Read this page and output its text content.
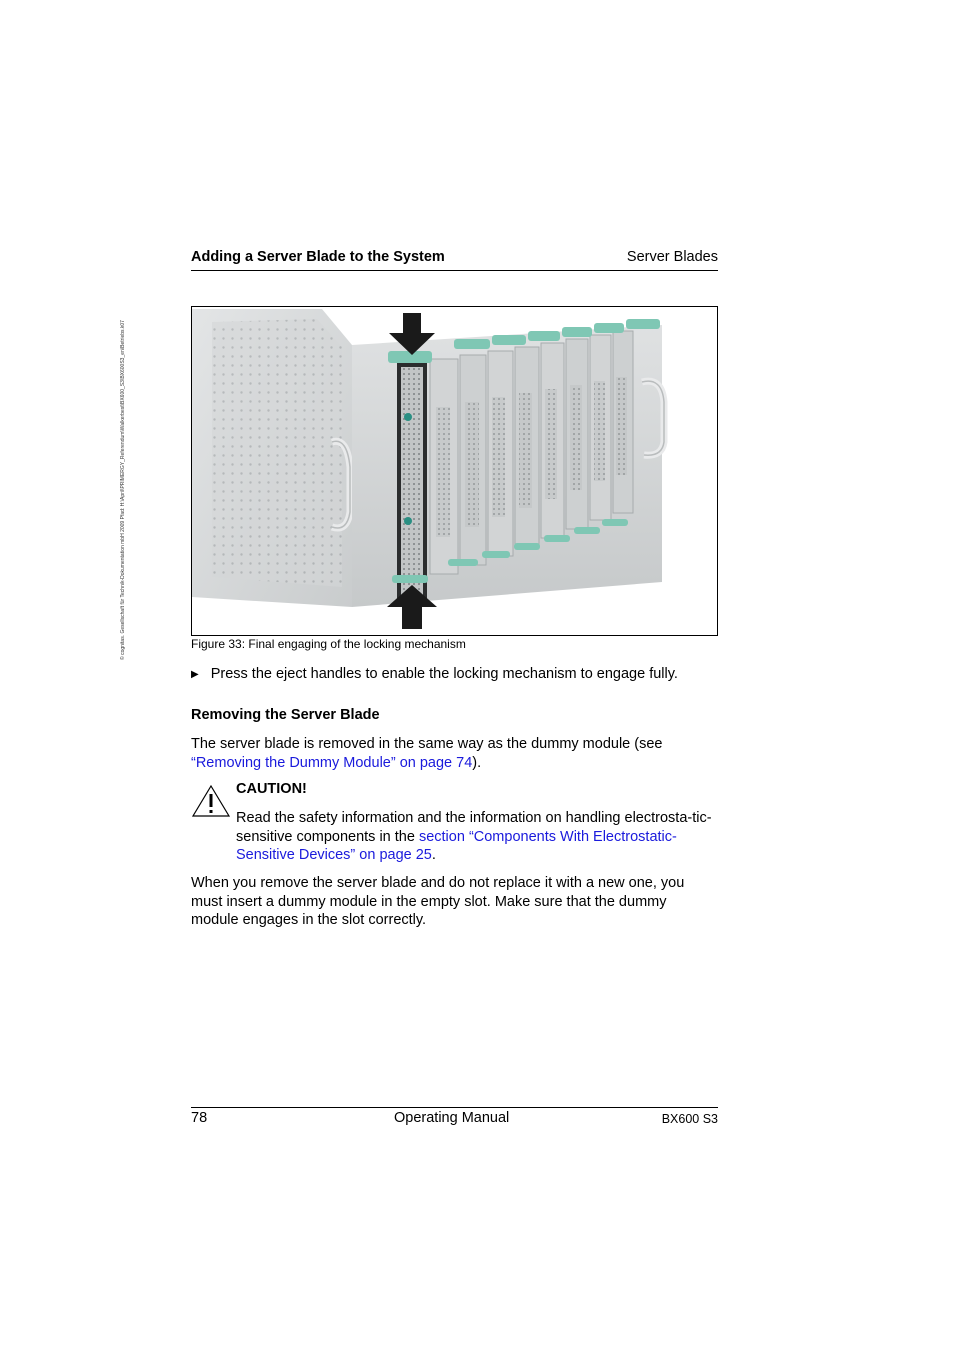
© cognitas. Gesellschaft für Technik-Dokumentation mbH 2009 Pfad: H:\April\PRIMERGY_Referendum\Walkerbest\BX600_S3\BX600S3_en\Betriebs.k07
Adding a Server Blade to the System	Server Blades
Figure 33: Final engaging of the locking mechanism
▶ Press the eject handles to enable the locking mechanism to engage fully.
Removing the Server Blade
The server blade is removed in the same way as the dummy module (see “Removing the Dummy Module” on page 74).
CAUTION!
Read the safety information and the information on handling electrosta-tic-sensitive components in the section “Components With Electrostatic-Sensitive Devices” on page 25.
When you remove the server blade and do not replace it with a new one, you must insert a dummy module in the empty slot. Make sure that the dummy module engages in the slot correctly.
78	Operating Manual	BX600 S3
